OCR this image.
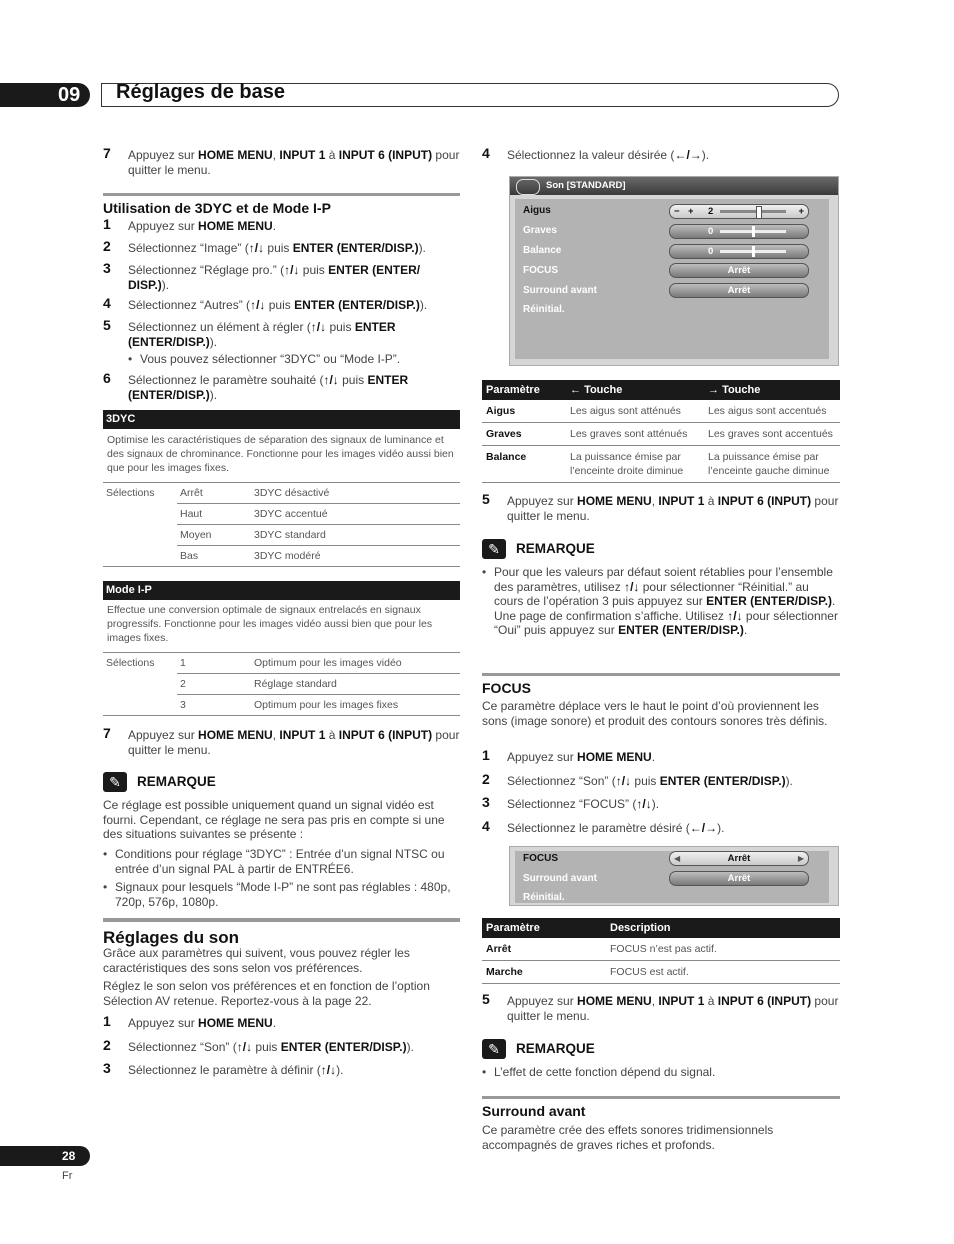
09 Réglages de base
7 Appuyez sur HOME MENU, INPUT 1 à INPUT 6 (INPUT) pour quitter le menu.
Utilisation de 3DYC et de Mode I-P
1 Appuyez sur HOME MENU.
2 Sélectionnez “Image” (↑/↓ puis ENTER (ENTER/DISP.)).
3 Sélectionnez “Réglage pro.” (↑/↓ puis ENTER (ENTER/ DISP.)).
4 Sélectionnez “Autres” (↑/↓ puis ENTER (ENTER/DISP.)).
5 Sélectionnez un élément à régler (↑/↓ puis ENTER (ENTER/DISP.)).
• Vous pouvez sélectionner “3DYC” ou “Mode I-P”.
6 Sélectionnez le paramètre souhaité (↑/↓ puis ENTER (ENTER/DISP.)).
3DYC
Optimise les caractéristiques de séparation des signaux de luminance et des signaux de chrominance. Fonctionne pour les images vidéo aussi bien que pour les images fixes.
Sélections	Arrêt	3DYC désactivé
	Haut	3DYC accentué
	Moyen	3DYC standard
	Bas	3DYC modéré
Mode I-P
Effectue une conversion optimale de signaux entrelacés en signaux progressifs. Fonctionne pour les images vidéo aussi bien que pour les images fixes.
Sélections	1	Optimum pour les images vidéo
	2	Réglage standard
	3	Optimum pour les images fixes
7 Appuyez sur HOME MENU, INPUT 1 à INPUT 6 (INPUT) pour quitter le menu.
✎	REMARQUE
Ce réglage est possible uniquement quand un signal vidéo est fourni. Cependant, ce réglage ne sera pas pris en compte si une des situations suivantes se présente :
• Conditions pour réglage “3DYC” : Entrée d’un signal NTSC ou entrée d’un signal PAL à partir de ENTRÉE6.
• Signaux pour lesquels “Mode I-P” ne sont pas réglables : 480p, 720p, 576p, 1080p.
Réglages du son
Grâce aux paramètres qui suivent, vous pouvez régler les caractéristiques des sons selon vos préférences.
Réglez le son selon vos préférences et en fonction de l’option Sélection AV retenue. Reportez-vous à la page 22.
1 Appuyez sur HOME MENU.
2 Sélectionnez “Son” (↑/↓ puis ENTER (ENTER/DISP.)).
3 Sélectionnez le paramètre à définir (↑/↓).
4 Sélectionnez la valeur désirée (←/→).
Son [STANDARD]
Aigus	− + 2	+
Graves	0
Balance	0
FOCUS	Arrêt
Surround avant	Arrêt
Réinitial.
Paramètre	← Touche	→ Touche
Aigus	Les aigus sont atténués	Les aigus sont accentués
Graves	Les graves sont atténués	Les graves sont accentués
Balance	La puissance émise par l’enceinte droite diminue	La puissance émise par l’enceinte gauche diminue
5 Appuyez sur HOME MENU, INPUT 1 à INPUT 6 (INPUT) pour quitter le menu.
✎	REMARQUE
• Pour que les valeurs par défaut soient rétablies pour l’ensemble des paramètres, utilisez ↑/↓ pour sélectionner “Réinitial.” au cours de l’opération 3 puis appuyez sur ENTER (ENTER/DISP.). Une page de confirmation s’affiche. Utilisez ↑/↓ pour sélectionner “Oui” puis appuyez sur ENTER (ENTER/DISP.).
FOCUS
Ce paramètre déplace vers le haut le point d’où proviennent les sons (image sonore) et produit des contours sonores très définis.
1 Appuyez sur HOME MENU.
2 Sélectionnez “Son” (↑/↓ puis ENTER (ENTER/DISP.)).
3 Sélectionnez “FOCUS” (↑/↓).
4 Sélectionnez le paramètre désiré (←/→).
FOCUS	◀	Arrêt	▶
Surround avant	Arrêt
Réinitial.
Paramètre	Description
Arrêt	FOCUS n’est pas actif.
Marche	FOCUS est actif.
5 Appuyez sur HOME MENU, INPUT 1 à INPUT 6 (INPUT) pour quitter le menu.
✎	REMARQUE
• L’effet de cette fonction dépend du signal.
Surround avant
Ce paramètre crée des effets sonores tridimensionnels accompagnés de graves riches et profonds.
28
Fr
